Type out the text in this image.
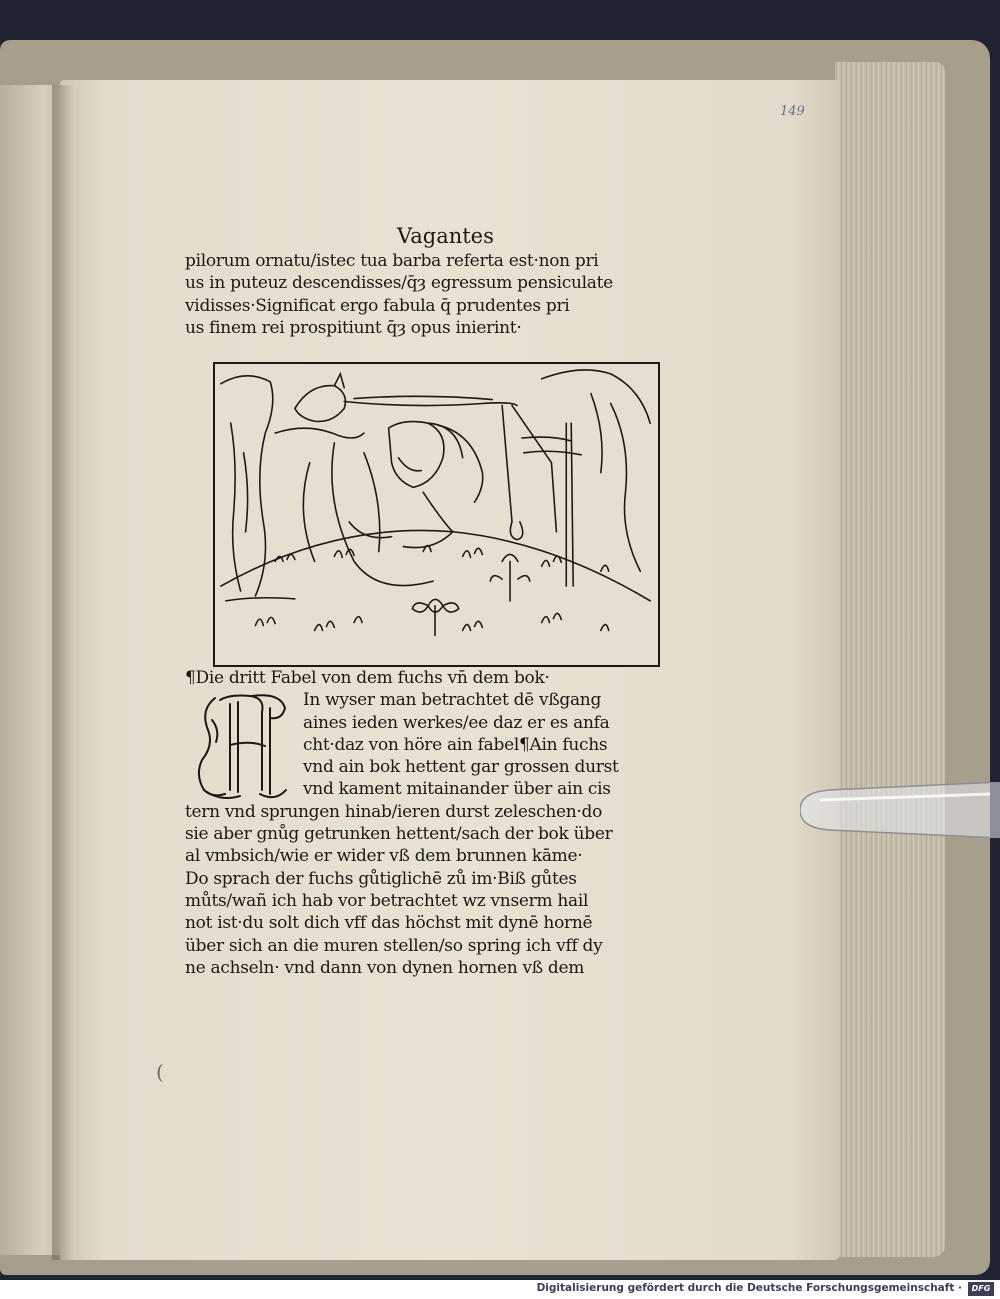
149
Vagantes
pilorum ornatu/istec tua barba referta est·non pri
us in puteuz descendisses/q̄ȝ egressum pensiculate
vidisses·Significat ergo fabula q̄ prudentes pri
us finem rei prospitiunt q̄ȝ opus inierint·
¶Die dritt Fabel von dem fuchs vn̄ dem bok·
In wyser man betrachtet dē vßgang
aines ieden werkes/ee daz er es anfa
cht·daz von höre ain fabel¶Ain fuchs
vnd ain bok hettent gar grossen durst
vnd kament mitainander über ain cis
tern vnd sprungen hinab/ieren durst zeleschen·do
sie aber gnůg getrunken hettent/sach der bok über
al vmbsich/wie er wider vß dem brunnen kāme·
Do sprach der fuchs gůtiglichē zů im·Biß gůtes
můts/wañ ich hab vor betrachtet wz vnserm hail
not ist·du solt dich vff das höchst mit dynē hornē
über sich an die muren stellen/so spring ich vff dy
ne achseln· vnd dann von dynen hornen vß dem
(
Digitalisierung gefördert durch die Deutsche Forschungsgemeinschaft ·	DFG
